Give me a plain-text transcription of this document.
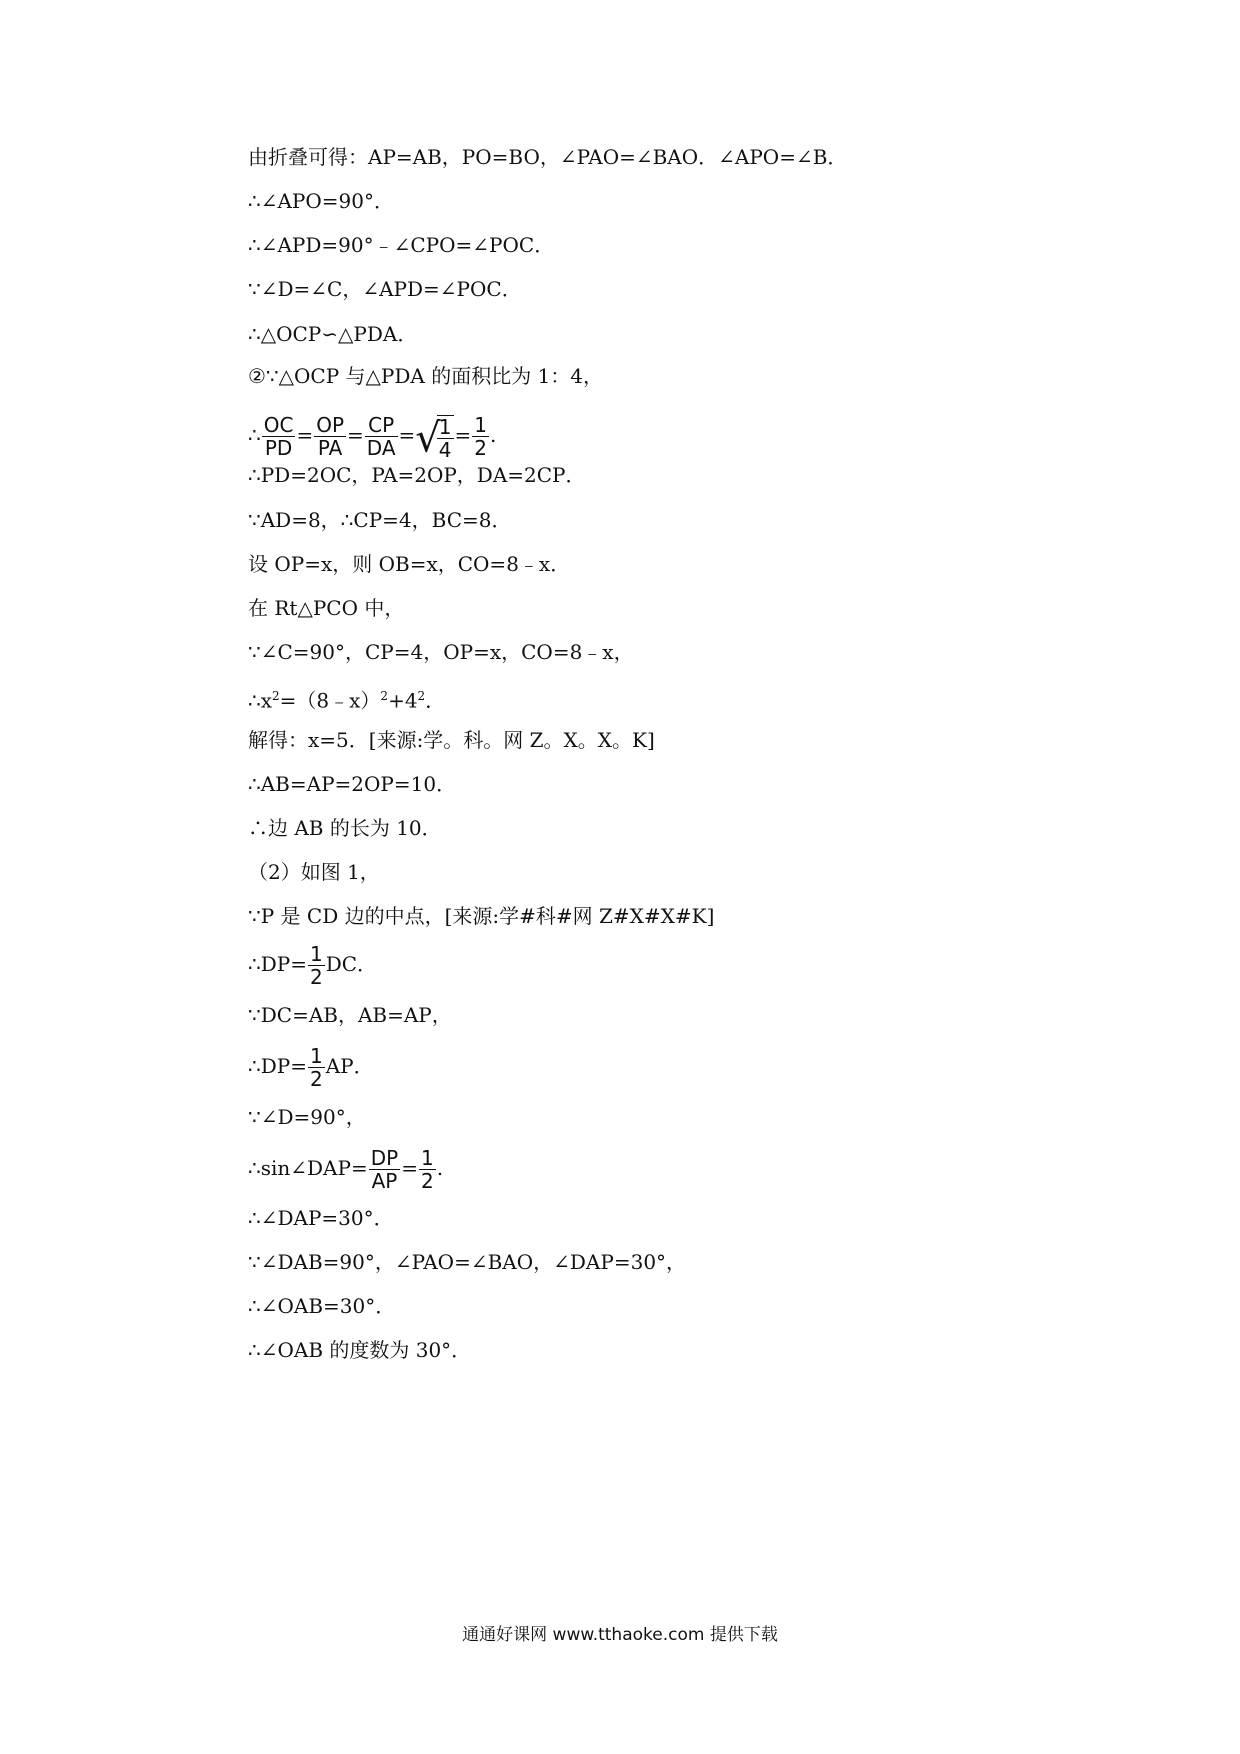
由折叠可得：AP=AB，PO=BO，∠PAO=∠BAO．∠APO=∠B．
∴∠APO=90°．
∴∠APD=90°﹣∠CPO=∠POC．
∵∠D=∠C，∠APD=∠POC．
∴△OCP∽△PDA．
②∵△OCP 与△PDA 的面积比为 1：4，
∴ $\frac{OC}{PD} = \frac{OP}{PA} = \frac{CP}{DA}$ =√
$\frac{1}{4} = \frac{1}{2}$ .
∴PD=2OC，PA=2OP，DA=2CP．
∵AD=8，∴CP=4，BC=8．
设 OP=x，则 OB=x，CO=8﹣x．
在 Rt△PCO 中，
∵∠C=90°，CP=4，OP=x，CO=8﹣x，
$\therefore x^2=(8﹣x)^2+4^2$．
解得：x=5．[来源:学。科。网 Z。X。X。K]
∴AB=AP=2OP=10．
∴边 AB 的长为 10．
（2）如图 1，
∵P 是 CD 边的中点，[来源:学#科#网 Z#X#X#K]
∴DP= $\frac{1}{2}$ DC．
∵DC=AB，AB=AP，
∴DP= $\frac{1}{2}$ AP．
∵∠D=90°，
∴sin∠DAP= $\frac{DP}{AP} = \frac{1}{2}$ .
∴∠DAP=30°．
∵∠DAB=90°，∠PAO=∠BAO，∠DAP=30°，
∴∠OAB=30°．
∴∠OAB 的度数为 30°．
通通好课网 www.tthaoke.com 提供下载
